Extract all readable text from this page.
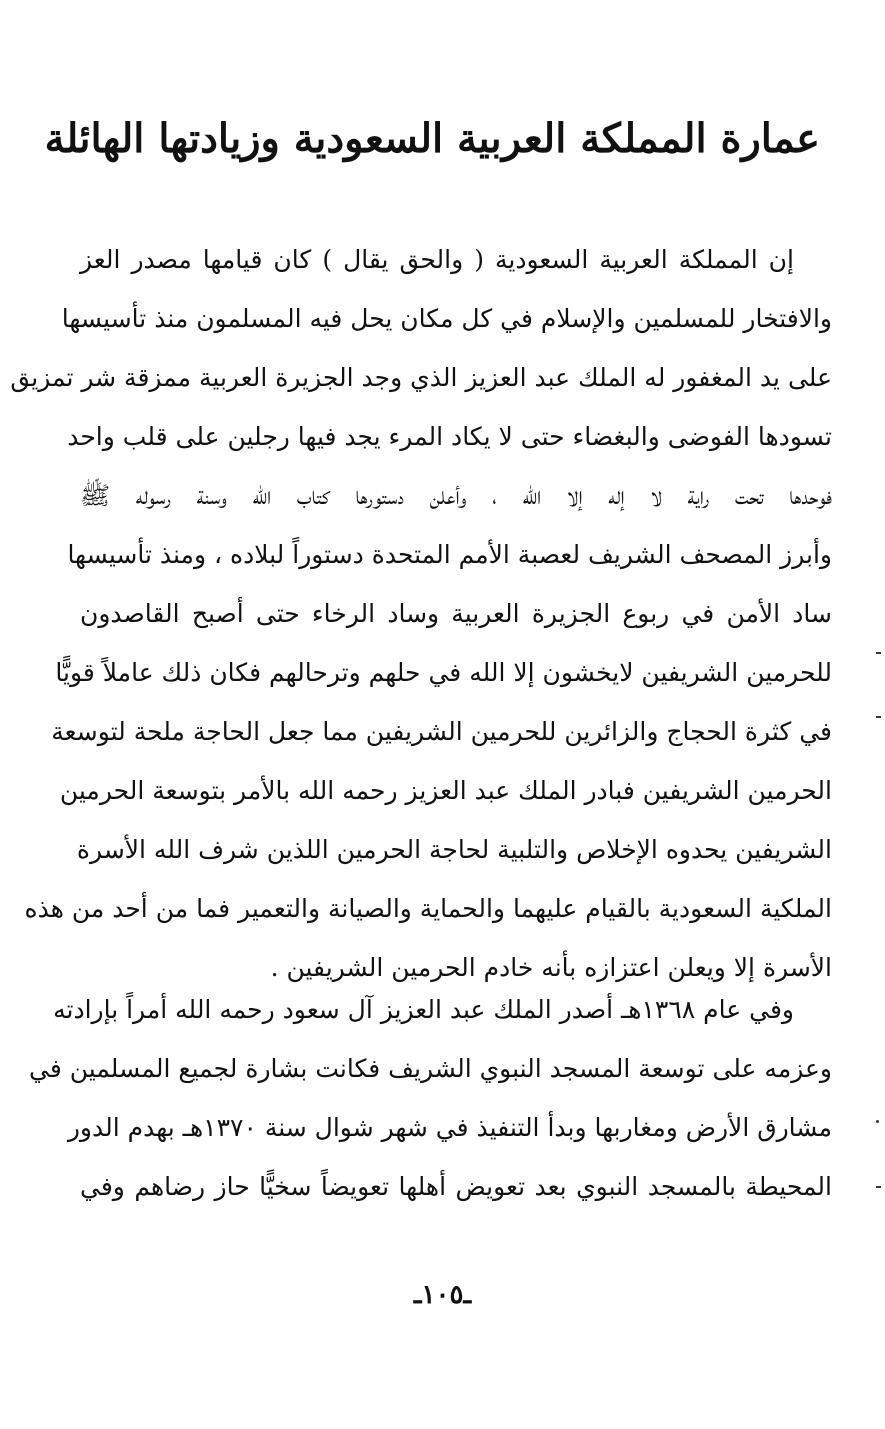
عمارة المملكة العربية السعودية وزيادتها الهائلة
إن المملكة العربية السعودية ( والحق يقال ) كان قيامها مصدر العز
والافتخار للمسلمين والإسلام في كل مكان يحل فيه المسلمون منذ تأسيسها
على يد المغفور له الملك عبد العزيز الذي وجد الجزيرة العربية ممزقة شر تمزيق
تسودها الفوضى والبغضاء حتى لا يكاد المرء يجد فيها رجلين على قلب واحد
فوحدها تحت راية لا إله إلا الله ، وأعلن دستورها كتاب الله وسنة رسوله ﷺ
وأبرز المصحف الشريف لعصبة الأمم المتحدة دستوراً لبلاده ، ومنذ تأسيسها
ساد الأمن في ربوع الجزيرة العربية وساد الرخاء حتى أصبح القاصدون
للحرمين الشريفين لايخشون إلا الله في حلهم وترحالهم فكان ذلك عاملاً قويًّا
في كثرة الحجاج والزائرين للحرمين الشريفين مما جعل الحاجة ملحة لتوسعة
الحرمين الشريفين فبادر الملك عبد العزيز رحمه الله بالأمر بتوسعة الحرمين
الشريفين يحدوه الإخلاص والتلبية لحاجة الحرمين اللذين شرف الله الأسرة
الملكية السعودية بالقيام عليهما والحماية والصيانة والتعمير فما من أحد من هذه
الأسرة إلا ويعلن اعتزازه بأنه خادم الحرمين الشريفين .
وفي عام ١٣٦٨هـ أصدر الملك عبد العزيز آل سعود رحمه الله أمراً بإرادته
وعزمه على توسعة المسجد النبوي الشريف فكانت بشارة لجميع المسلمين في
مشارق الأرض ومغاربها وبدأ التنفيذ في شهر شوال سنة ١٣٧٠هـ بهدم الدور
المحيطة بالمسجد النبوي بعد تعويض أهلها تعويضاً سخيًّا حاز رضاهم وفي
ـ١٠٥ـ
